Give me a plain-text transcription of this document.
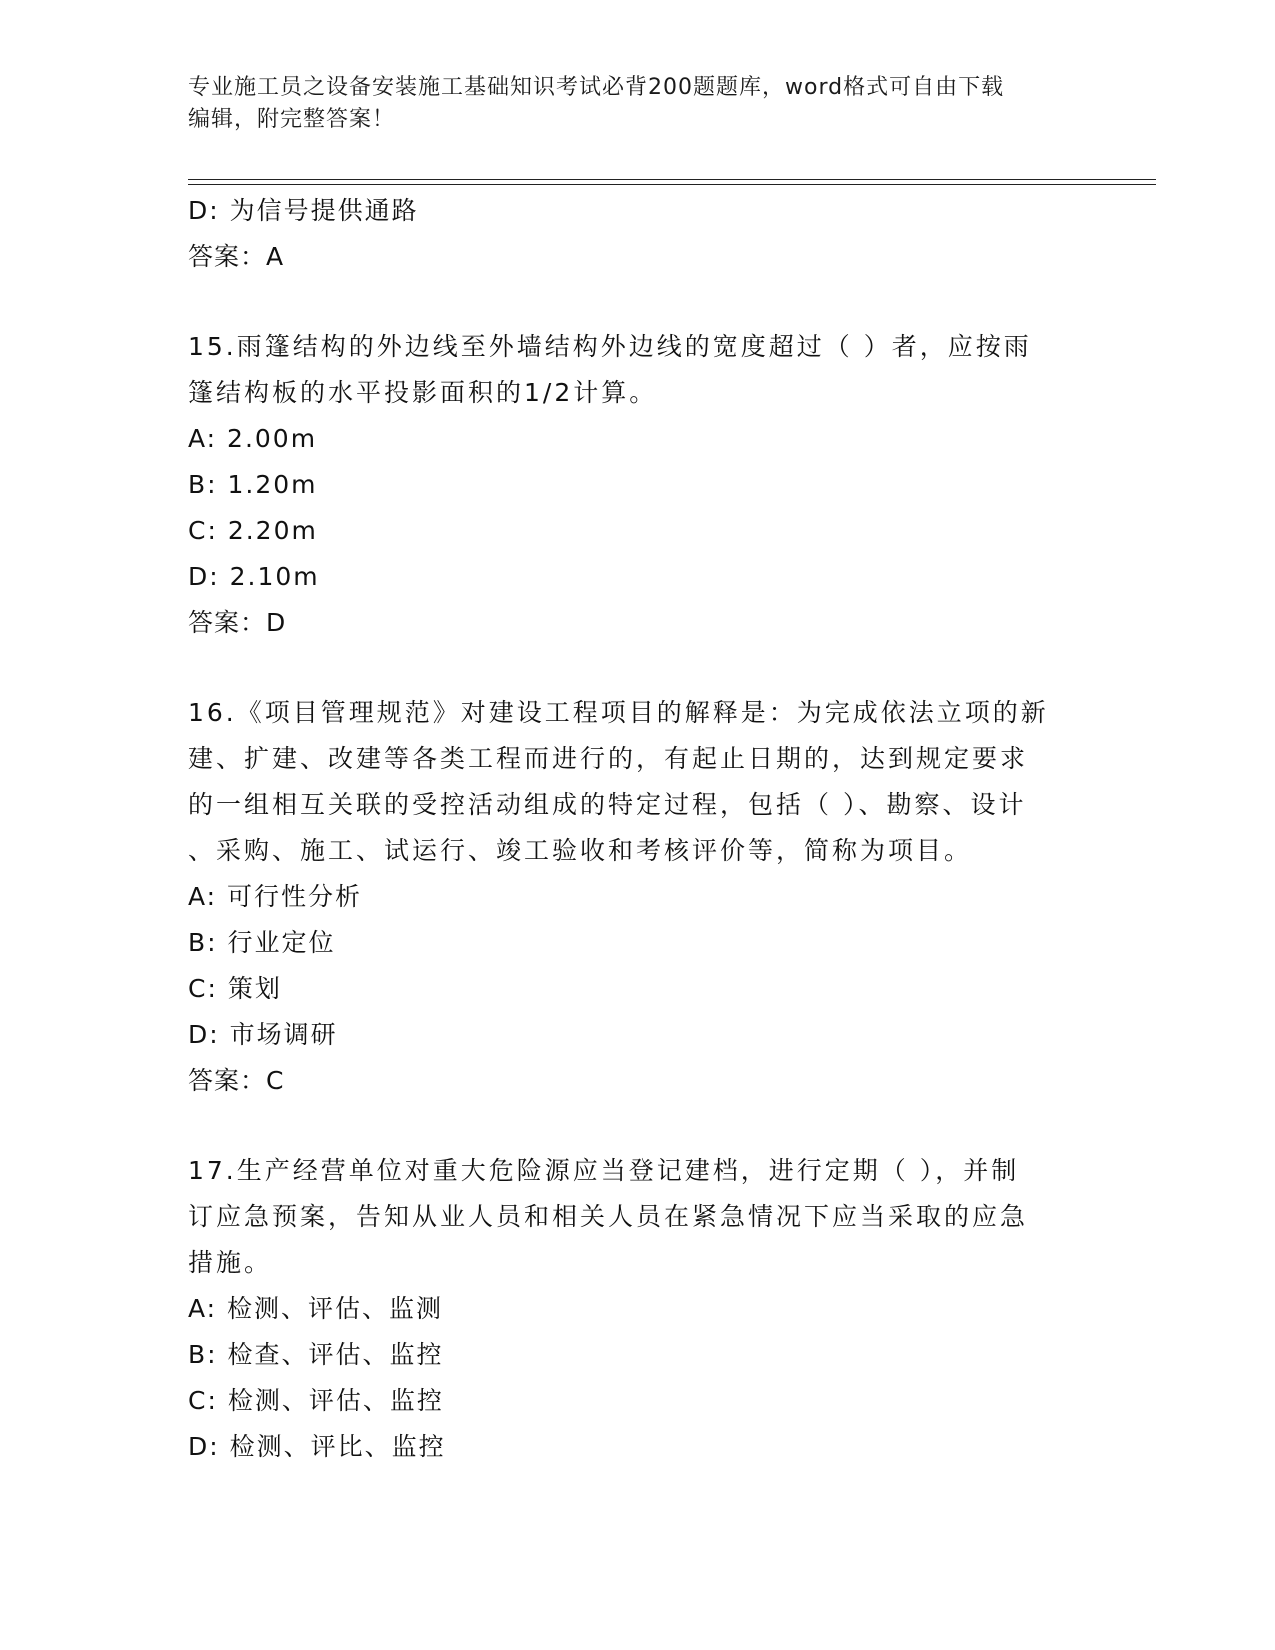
专业施工员之设备安装施工基础知识考试必背200题题库，word格式可自由下载
编辑，附完整答案！
D: 为信号提供通路
答案：A
15.雨篷结构的外边线至外墙结构外边线的宽度超过（ ）者，应按雨
篷结构板的水平投影面积的1/2计算。
A: 2.00m
B: 1.20m
C: 2.20m
D: 2.10m
答案：D
16.《项目管理规范》对建设工程项目的解释是：为完成依法立项的新
建、扩建、改建等各类工程而进行的，有起止日期的，达到规定要求
的一组相互关联的受控活动组成的特定过程，包括（ ）、勘察、设计
、采购、施工、试运行、竣工验收和考核评价等，简称为项目。
A: 可行性分析
B: 行业定位
C: 策划
D: 市场调研
答案：C
17.生产经营单位对重大危险源应当登记建档，进行定期（ ），并制
订应急预案，告知从业人员和相关人员在紧急情况下应当采取的应急
措施。
A: 检测、评估、监测
B: 检查、评估、监控
C: 检测、评估、监控
D: 检测、评比、监控
